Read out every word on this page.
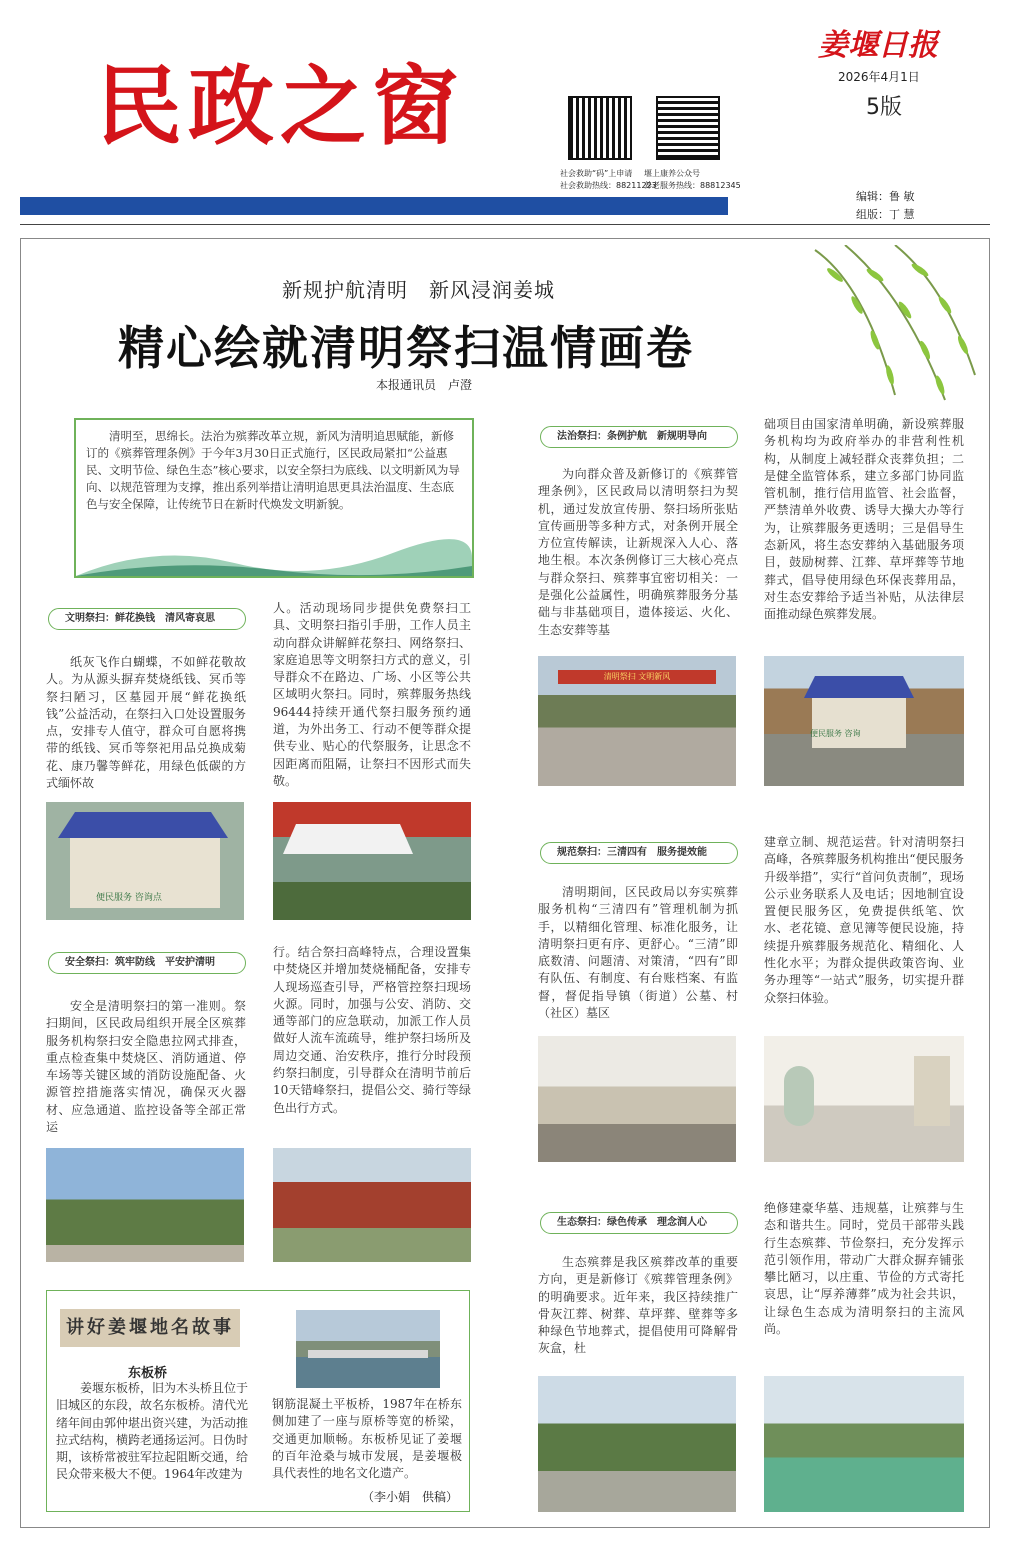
民政之窗
社会救助“码”上申请 堰上康养公众号
社会救助热线：88211223
养老服务热线：88812345
姜堰日报
2026年4月1日
5版
编辑：鲁 敏
组版：丁 慧
新规护航清明　新风浸润姜城
精心绘就清明祭扫温情画卷
本报通讯员　卢澄
清明至，思绵长。法治为殡葬改革立规，新风为清明追思赋能，新修订的《殡葬管理条例》于今年3月30日正式施行，区民政局紧扣“公益惠民、文明节俭、绿色生态”核心要求，以安全祭扫为底线、以文明新风为导向、以规范管理为支撑，推出系列举措让清明追思更具法治温度、生态底色与安全保障，让传统节日在新时代焕发文明新貌。
文明祭扫：鲜花换钱　清风寄哀思
纸灰飞作白蝴蝶，不如鲜花敬故人。为从源头摒弃焚烧纸钱、冥币等祭扫陋习，区墓园开展“鲜花换纸钱”公益活动，在祭扫入口处设置服务点，安排专人值守，群众可自愿将携带的纸钱、冥币等祭祀用品兑换成菊花、康乃馨等鲜花，用绿色低碳的方式缅怀故
人。活动现场同步提供免费祭扫工具、文明祭扫指引手册，工作人员主动向群众讲解鲜花祭扫、网络祭扫、家庭追思等文明祭扫方式的意义，引导群众不在路边、广场、小区等公共区域明火祭扫。同时，殡葬服务热线96444持续开通代祭扫服务预约通道，为外出务工、行动不便等群众提供专业、贴心的代祭服务，让思念不因距离而阻隔，让祭扫不因形式而失敬。
便民服务 咨询点
安全祭扫：筑牢防线　平安护清明
安全是清明祭扫的第一准则。祭扫期间，区民政局组织开展全区殡葬服务机构祭扫安全隐患拉网式排查，重点检查集中焚烧区、消防通道、停车场等关键区域的消防设施配备、火源管控措施落实情况，确保灭火器材、应急通道、监控设备等全部正常运
行。结合祭扫高峰特点，合理设置集中焚烧区并增加焚烧桶配备，安排专人现场巡查引导，严格管控祭扫现场火源。同时，加强与公安、消防、交通等部门的应急联动，加派工作人员做好人流车流疏导，维护祭扫场所及周边交通、治安秩序，推行分时段预约祭扫制度，引导群众在清明节前后10天错峰祭扫，提倡公交、骑行等绿色出行方式。
讲好姜堰地名故事
东板桥
姜堰东板桥，旧为木头桥且位于旧城区的东段，故名东板桥。清代光绪年间由郭仲堪出资兴建，为活动推拉式结构，横跨老通扬运河。日伪时期，该桥常被驻军拉起阻断交通，给民众带来极大不便。1964年改建为
钢筋混凝土平板桥，1987年在桥东侧加建了一座与原桥等宽的桥梁，交通更加顺畅。东板桥见证了姜堰的百年沧桑与城市发展，是姜堰极具代表性的地名文化遗产。
（李小娟　供稿）
法治祭扫：条例护航　新规明导向
为向群众普及新修订的《殡葬管理条例》，区民政局以清明祭扫为契机，通过发放宣传册、祭扫场所张贴宣传画册等多种方式，对条例开展全方位宣传解读，让新规深入人心、落地生根。本次条例修订三大核心亮点与群众祭扫、殡葬事宜密切相关：一是强化公益属性，明确殡葬服务分基础与非基础项目，遗体接运、火化、生态安葬等基
础项目由国家清单明确，新设殡葬服务机构均为政府举办的非营利性机构，从制度上减轻群众丧葬负担；二是健全监管体系，建立多部门协同监管机制，推行信用监管、社会监督，严禁清单外收费、诱导大操大办等行为，让殡葬服务更透明；三是倡导生态新风，将生态安葬纳入基础服务项目，鼓励树葬、江葬、草坪葬等节地葬式，倡导使用绿色环保丧葬用品，对生态安葬给予适当补贴，从法律层面推动绿色殡葬发展。
清明祭扫 文明新风
便民服务 咨询
规范祭扫：三清四有　服务提效能
清明期间，区民政局以夯实殡葬服务机构“三清四有”管理机制为抓手，以精细化管理、标准化服务，让清明祭扫更有序、更舒心。“三清”即底数清、问题清、对策清，“四有”即有队伍、有制度、有台账档案、有监督，督促指导镇（街道）公墓、村（社区）墓区
建章立制、规范运营。针对清明祭扫高峰，各殡葬服务机构推出“便民服务升级举措”，实行“首问负责制”，现场公示业务联系人及电话；因地制宜设置便民服务区，免费提供纸笔、饮水、老花镜、意见簿等便民设施，持续提升殡葬服务规范化、精细化、人性化水平；为群众提供政策咨询、业务办理等“一站式”服务，切实提升群众祭扫体验。
生态祭扫：绿色传承　理念润人心
生态殡葬是我区殡葬改革的重要方向，更是新修订《殡葬管理条例》的明确要求。近年来，我区持续推广骨灰江葬、树葬、草坪葬、壁葬等多种绿色节地葬式，提倡使用可降解骨灰盒，杜
绝修建豪华墓、违规墓，让殡葬与生态和谐共生。同时，党员干部带头践行生态殡葬、节俭祭扫，充分发挥示范引领作用，带动广大群众摒弃铺张攀比陋习，以庄重、节俭的方式寄托哀思，让“厚养薄葬”成为社会共识，让绿色生态成为清明祭扫的主流风尚。
